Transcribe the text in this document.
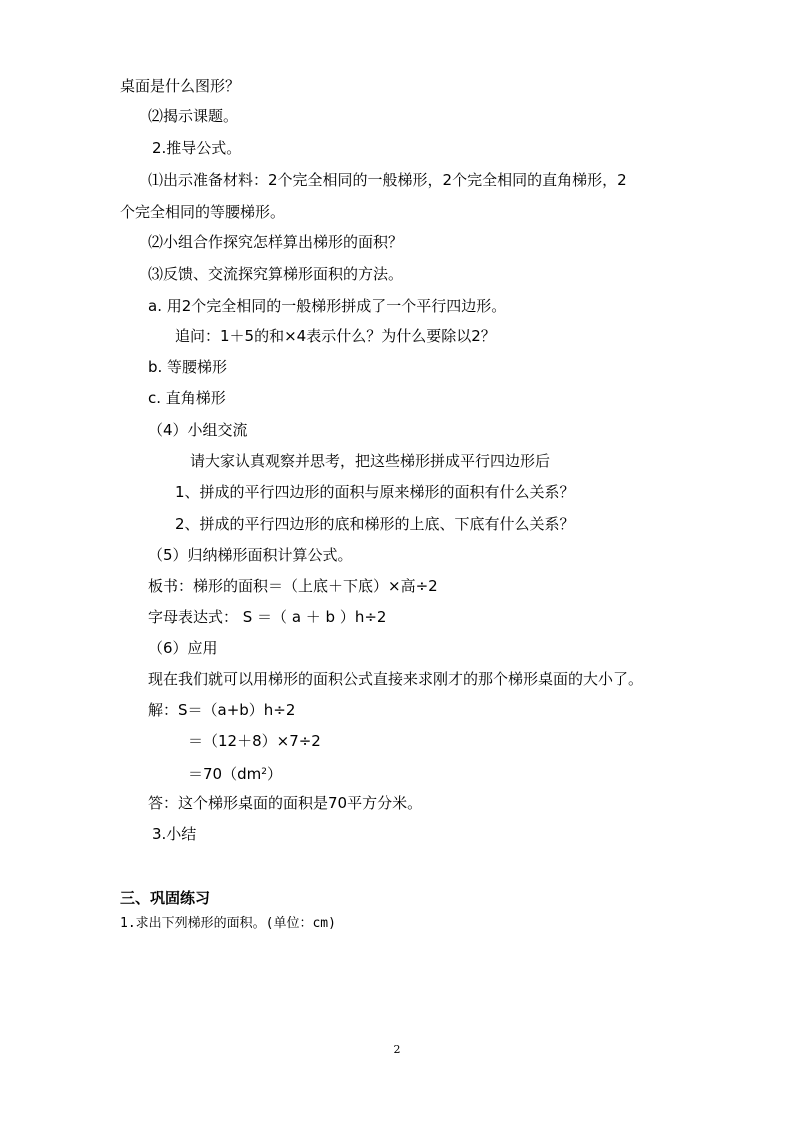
桌面是什么图形？
⑵揭示课题。
2.推导公式。
⑴出示准备材料：2个完全相同的一般梯形，2个完全相同的直角梯形，2
个完全相同的等腰梯形。
⑵小组合作探究怎样算出梯形的面积？
⑶反馈、交流探究算梯形面积的方法。
a. 用2个完全相同的一般梯形拼成了一个平行四边形。
追问：1＋5的和×4表示什么？为什么要除以2？
b. 等腰梯形
c. 直角梯形
（4）小组交流
请大家认真观察并思考，把这些梯形拼成平行四边形后
1、拼成的平行四边形的面积与原来梯形的面积有什么关系？
2、拼成的平行四边形的底和梯形的上底、下底有什么关系？
（5）归纳梯形面积计算公式。
板书：梯形的面积＝（上底＋下底）×高÷2
字母表达式： S ＝（ a ＋ b ）h÷2
（6）应用
现在我们就可以用梯形的面积公式直接来求刚才的那个梯形桌面的大小了。
解：S＝（a+b）h÷2
＝（12＋8）×7÷2
$=70(dm^2)$
答：这个梯形桌面的面积是70平方分米。
3.小结
三、巩固练习
1.求出下列梯形的面积。(单位：cm)
2
